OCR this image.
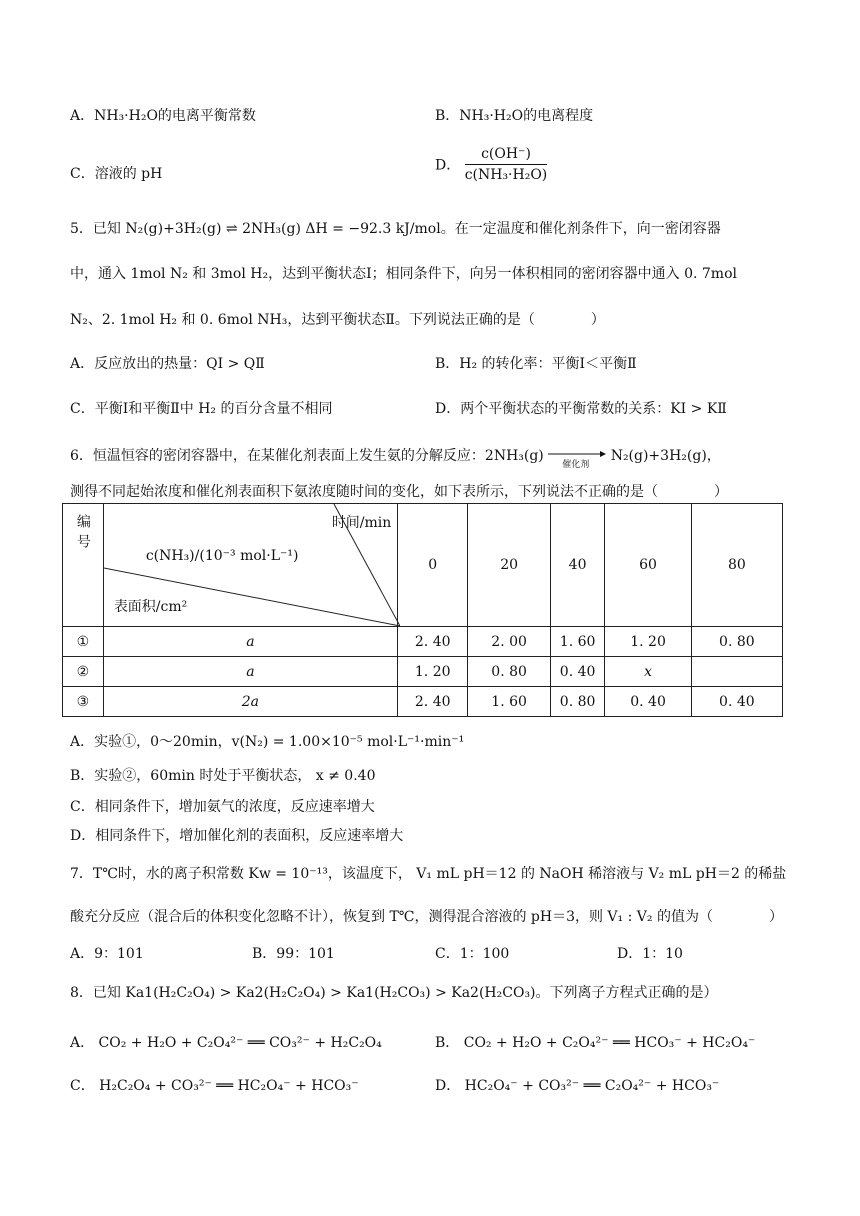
A．NH₃·H₂O的电离平衡常数	B．NH₃·H₂O的电离程度
C．溶液的 pH
D． $\frac{c(OH^-)}{\text{c(NH₃·H₂O)}}$
5．已知 N₂(g)+3H₂(g) ⇌ 2NH₃(g) ΔH = −92.3 kJ/mol。在一定温度和催化剂条件下，向一密闭容器
中，通入 1mol N₂ 和 3mol H₂，达到平衡状态Ⅰ；相同条件下，向另一体积相同的密闭容器中通入 0. 7mol
N₂、2. 1mol H₂ 和 0. 6mol NH₃，达到平衡状态Ⅱ。下列说法正确的是（　　　　）
A．反应放出的热量：QⅠ > QⅡ	B．H₂ 的转化率：平衡Ⅰ＜平衡Ⅱ
C．平衡Ⅰ和平衡Ⅱ中 H₂ 的百分含量不相同	D．两个平衡状态的平衡常数的关系：KⅠ > KⅡ
6．恒温恒容的密闭容器中，在某催化剂表面上发生氨的分解反应：2NH₃(g)
催化剂
N₂(g)+3H₂(g)，
测得不同起始浓度和催化剂表面积下氨浓度随时间的变化，如下表所示，下列说法不正确的是（　　　　）
编号	时间/min
c(NH₃)/(10⁻³ mol·L⁻¹)
表面积/cm²	0	20	40	60	80
①	a	2. 40	2. 00	1. 60	1. 20	0. 80
②	a	1. 20	0. 80	0. 40	x	
③	2a	2. 40	1. 60	0. 80	0. 40	0. 40
A．实验①，0～20min，v(N₂) = 1.00×10⁻⁵ mol·L⁻¹·min⁻¹
B．实验②，60min 时处于平衡状态， x ≠ 0.40
C．相同条件下，增加氨气的浓度，反应速率增大
D．相同条件下，增加催化剂的表面积，反应速率增大
7．T℃时，水的离子积常数 Kw = 10⁻¹³，该温度下， V₁ mL pH＝12 的 NaOH 稀溶液与 V₂ mL pH＝2 的稀盐
酸充分反应（混合后的体积变化忽略不计），恢复到 T℃，测得混合溶液的 pH＝3，则 V₁ : V₂ 的值为（　　　　）
A．9：101	B．99：101	C．1：100	D．1：10
8．已知 Ka1(H₂C₂O₄) > Ka2(H₂C₂O₄) > Ka1(H₂CO₃) > Ka2(H₂CO₃)。下列离子方程式正确的是）
A． CO₂ + H₂O + C₂O₄²⁻ ══ CO₃²⁻ + H₂C₂O₄	B． CO₂ + H₂O + C₂O₄²⁻ ══ HCO₃⁻ + HC₂O₄⁻
C． H₂C₂O₄ + CO₃²⁻ ══ HC₂O₄⁻ + HCO₃⁻	D． HC₂O₄⁻ + CO₃²⁻ ══ C₂O₄²⁻ + HCO₃⁻
